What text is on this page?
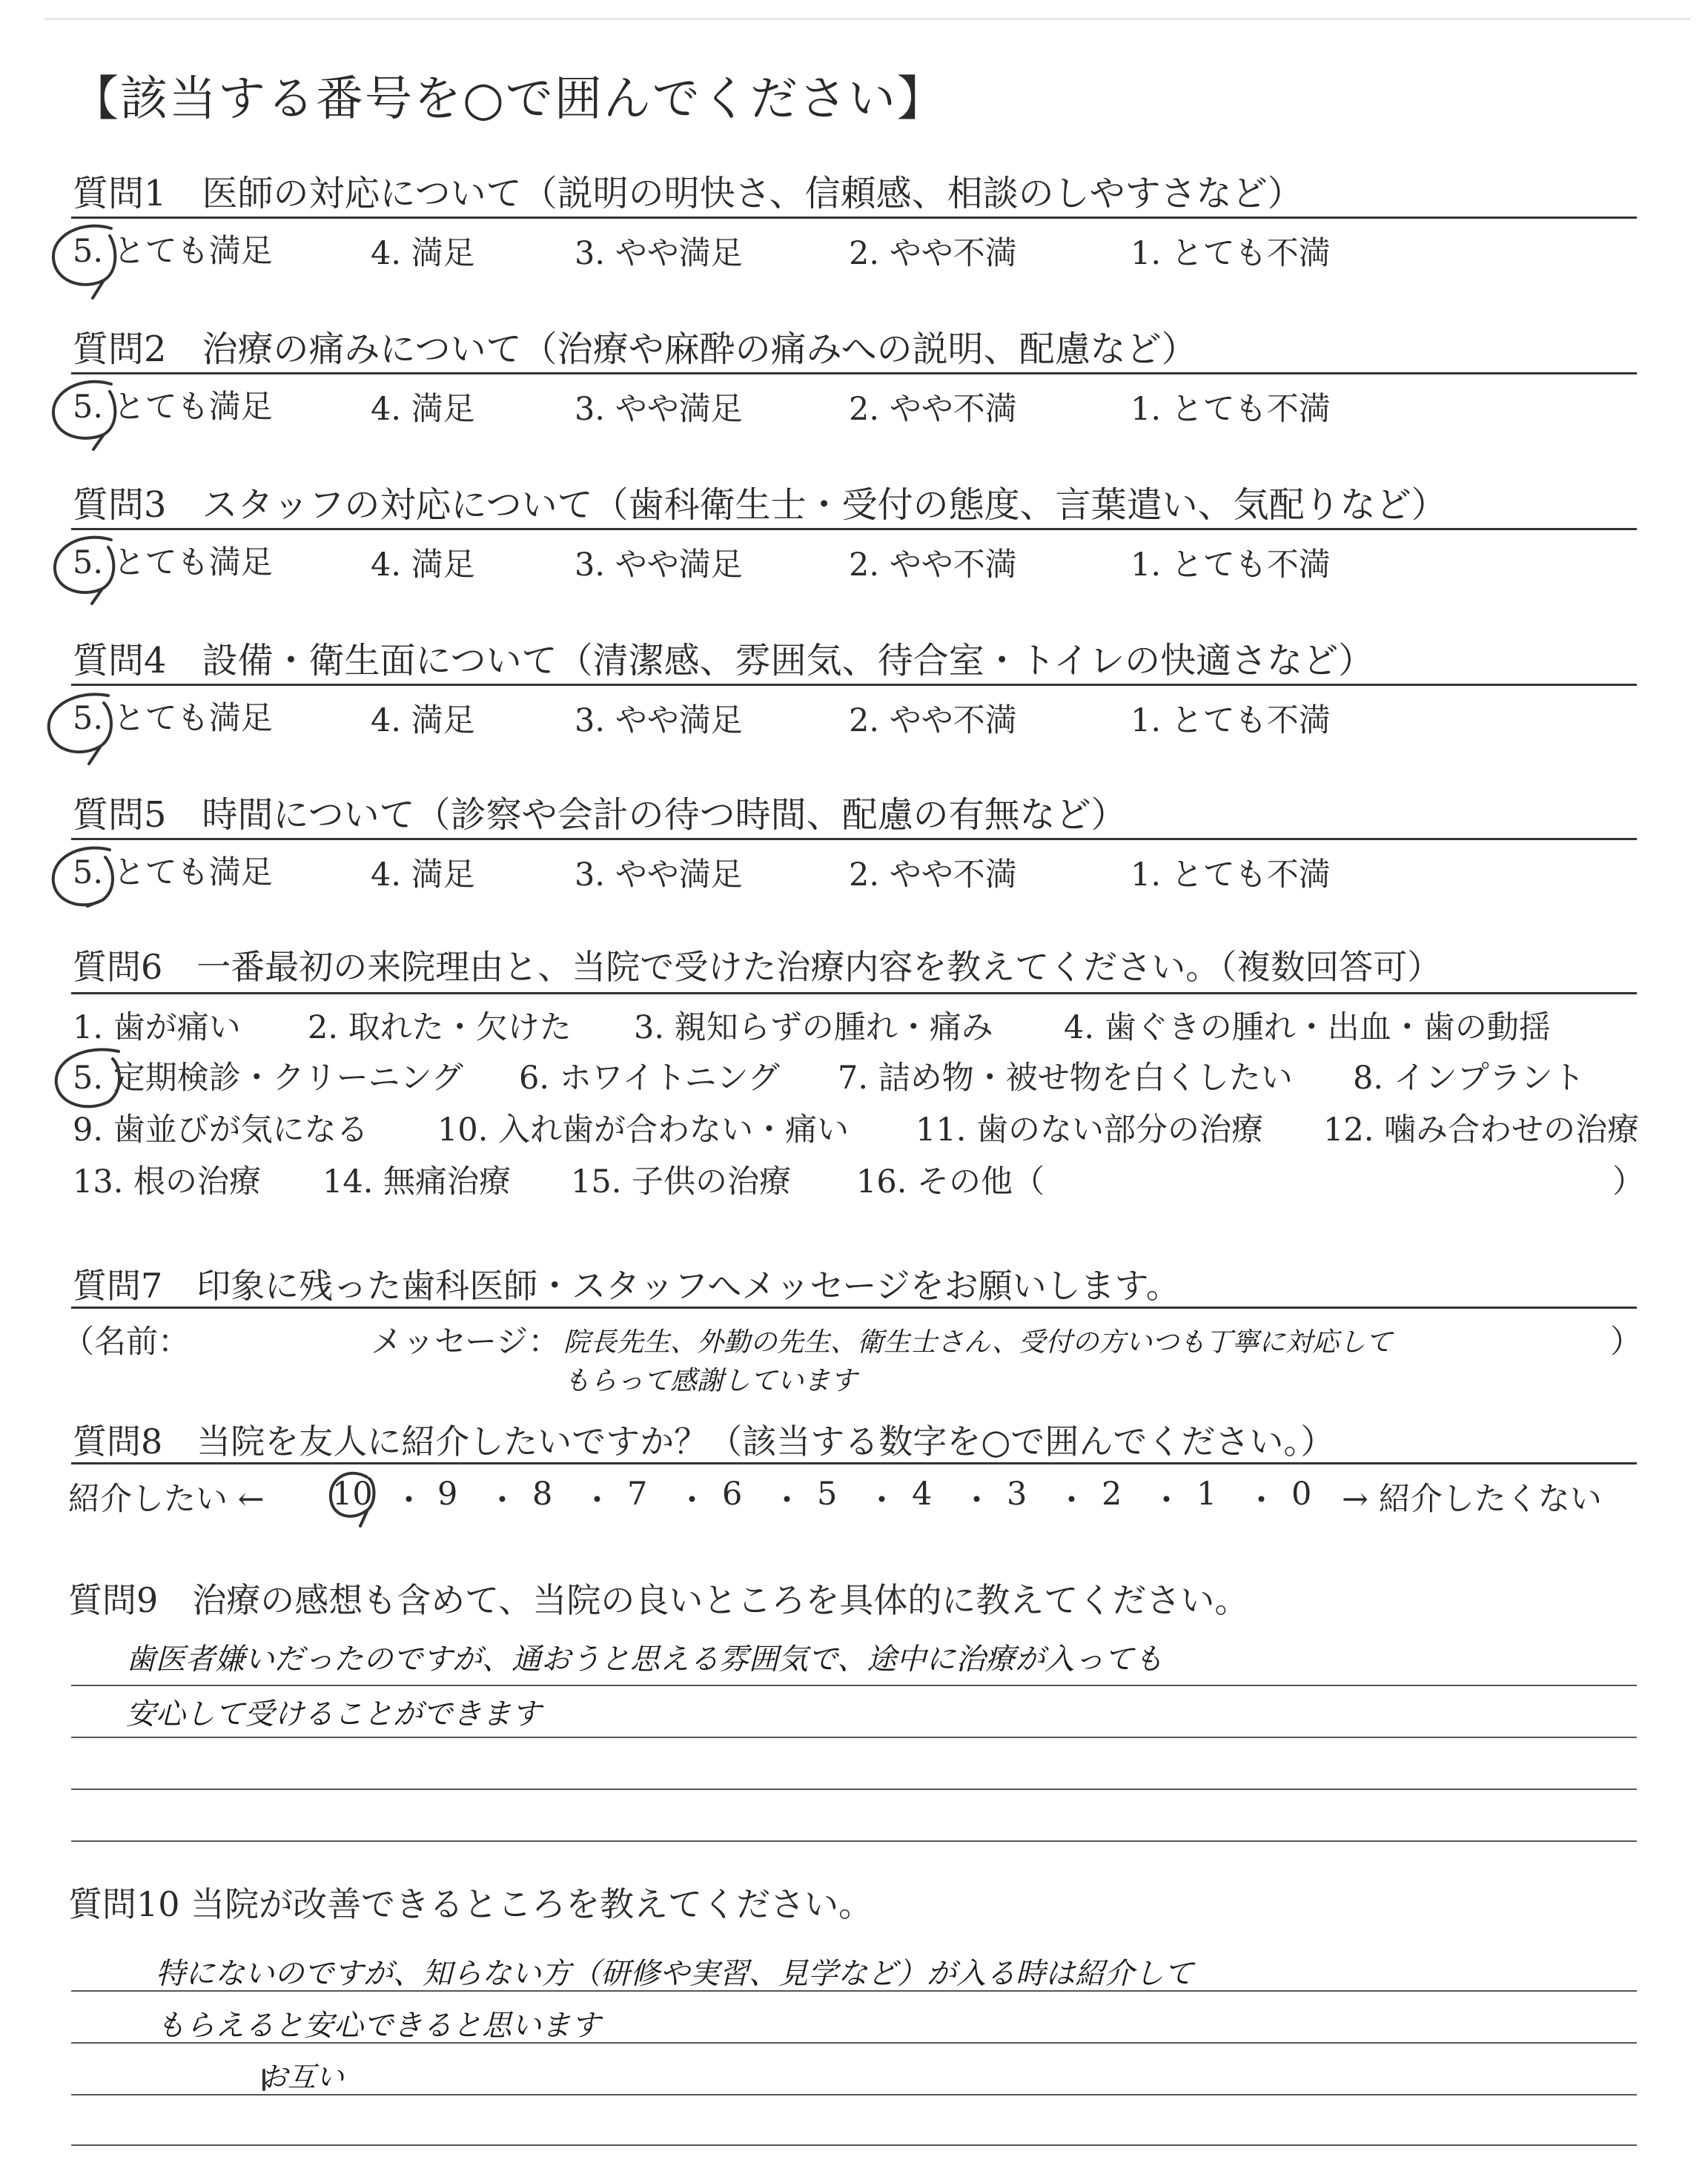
【該当する番号を○で囲んでください】
質問1　医師の対応について（説明の明快さ、信頼感、相談のしやすさなど）
5. とても満足	4. 満足	3. やや満足	2. やや不満	1. とても不満
質問2　治療の痛みについて（治療や麻酔の痛みへの説明、配慮など）
5. とても満足	4. 満足	3. やや満足	2. やや不満	1. とても不満
質問3　スタッフの対応について（歯科衛生士・受付の態度、言葉遣い、気配りなど）
5. とても満足	4. 満足	3. やや満足	2. やや不満	1. とても不満
質問4　設備・衛生面について（清潔感、雰囲気、待合室・トイレの快適さなど）
5. とても満足	4. 満足	3. やや満足	2. やや不満	1. とても不満
質問5　時間について（診察や会計の待つ時間、配慮の有無など）
5. とても満足	4. 満足	3. やや満足	2. やや不満	1. とても不満
質問6　一番最初の来院理由と、当院で受けた治療内容を教えてください。（複数回答可）
1. 歯が痛い 2. 取れた・欠けた 3. 親知らずの腫れ・痛み 4. 歯ぐきの腫れ・出血・歯の動揺
5. 定期検診・クリーニング 6. ホワイトニング 7. 詰め物・被せ物を白くしたい 8. インプラント
9. 歯並びが気になる 10. 入れ歯が合わない・痛い 11. 歯のない部分の治療 12. 噛み合わせの治療
13. 根の治療 14. 無痛治療 15. 子供の治療 16. その他（	）
質問7　印象に残った歯科医師・スタッフへメッセージをお願いします。
（名前：	メッセージ： 院長先生、外勤の先生、衛生士さん、受付の方いつも丁寧に対応して
もらって感謝しています
）
質問8　当院を友人に紹介したいですか？（該当する数字を○で囲んでください。）
紹介したい ← 10 ・ 9 ・ 8 ・ 7 ・ 6 ・ 5 ・ 4 ・ 3 ・ 2 ・ 1 ・ 0 → 紹介したくない
質問9　治療の感想も含めて、当院の良いところを具体的に教えてください。
歯医者嫌いだったのですが、通おうと思える雰囲気で、途中に治療が入っても
安心して受けることができます
質問10 当院が改善できるところを教えてください。
特にないのですが、知らない方（研修や実習、見学など）が入る時は紹介して
もらえると安心できると思います
お互い
